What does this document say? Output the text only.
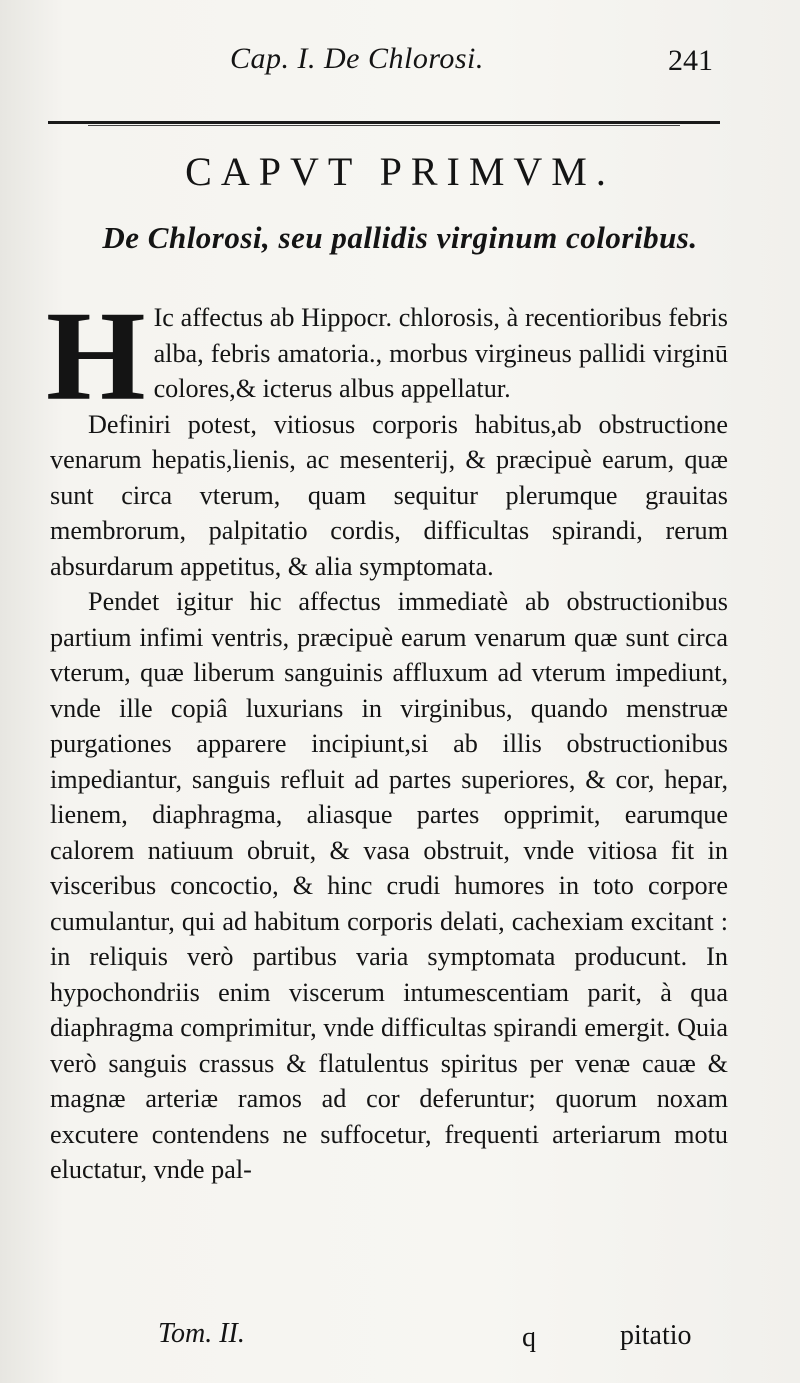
Cap. I. De Chlorosi.	241
CAPVT PRIMVM.
De Chlorosi, seu pallidis virginum coloribus.

H Ic affectus ab Hippocr. chlorosis, à recentioribus febris alba, febris amatoria., morbus virgineus pallidi virginū colores,& icterus albus appellatur.

Definiri potest, vitiosus corporis habitus,ab obstructione venarum hepatis,lienis, ac mesenterij, & præcipuè earum, quæ sunt circa vterum, quam sequitur plerumque grauitas membrorum, palpitatio cordis, difficultas spirandi, rerum absurdarum appetitus, & alia symptomata.

Pendet igitur hic affectus immediatè ab obstructionibus partium infimi ventris, præcipuè earum venarum quæ sunt circa vterum, quæ liberum sanguinis affluxum ad vterum impediunt, vnde ille copiâ luxurians in virginibus, quando menstruæ purgationes apparere incipiunt,si ab illis obstructionibus impediantur, sanguis refluit ad partes superiores, & cor, hepar, lienem, diaphragma, aliasque partes opprimit, earumque calorem natiuum obruit, & vasa obstruit, vnde vitiosa fit in visceribus concoctio, & hinc crudi humores in toto corpore cumulantur, qui ad habitum corporis delati, cachexiam excitant : in reliquis verò partibus varia symptomata producunt. In hypochondriis enim viscerum intumescentiam parit, à qua diaphragma comprimitur, vnde difficultas spirandi emergit. Quia verò sanguis crassus & flatulentus spiritus per venæ cauæ & magnæ arteriæ ramos ad cor deferuntur; quorum noxam excutere contendens ne suffocetur, frequenti arteriarum motu eluctatur, vnde pal-

Tom. II.	q	pitatio
